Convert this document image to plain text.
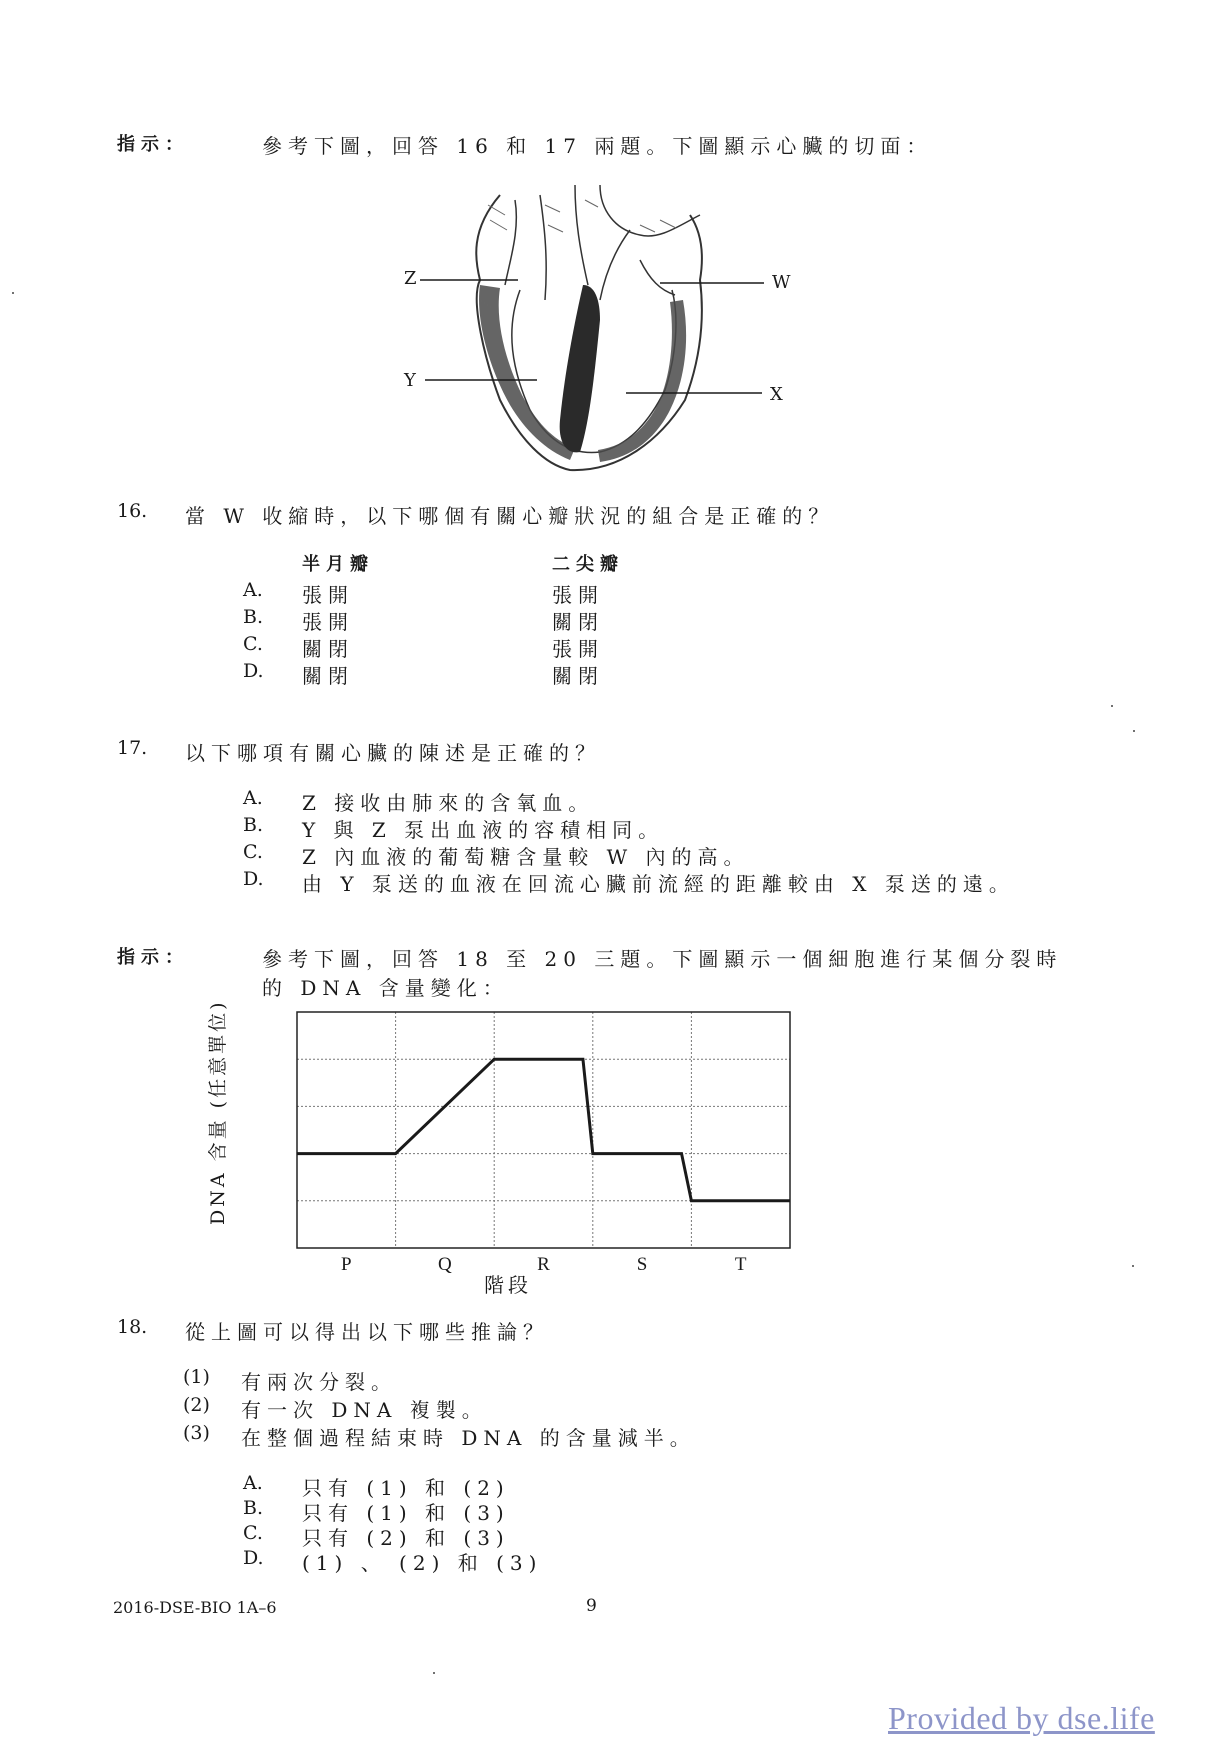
指示：	參考下圖，回答 16 和 17 兩題。下圖顯示心臟的切面：
Z	W
Y
X
16. 當 W 收縮時，以下哪個有關心瓣狀況的組合是正確的？
半月瓣	二尖瓣
A. 張開	張開
B. 張開	關閉
C. 關閉	張開
D. 關閉	關閉
17. 以下哪項有關心臟的陳述是正確的？
A. Z 接收由肺來的含氧血。
B. Y 與 Z 泵出血液的容積相同。
C. Z 內血液的葡萄糖含量較 W 內的高。
D. 由 Y 泵送的血液在回流心臟前流經的距離較由 X 泵送的遠。
指示：	參考下圖，回答 18 至 20 三題。下圖顯示一個細胞進行某個分裂時
的 DNA 含量變化：
P	Q	R	S	T
DNA 含量 (任意單位)
階段
18. 從上圖可以得出以下哪些推論？
(1) 有兩次分裂。
(2) 有一次 DNA 複製。
(3) 在整個過程結束時 DNA 的含量減半。
A. 只有 (1) 和 (2)
B. 只有 (1) 和 (3)
C. 只有 (2) 和 (3)
D. (1) 、 (2) 和 (3)
2016-DSE-BIO 1A–6	9
Provided by dse.life
